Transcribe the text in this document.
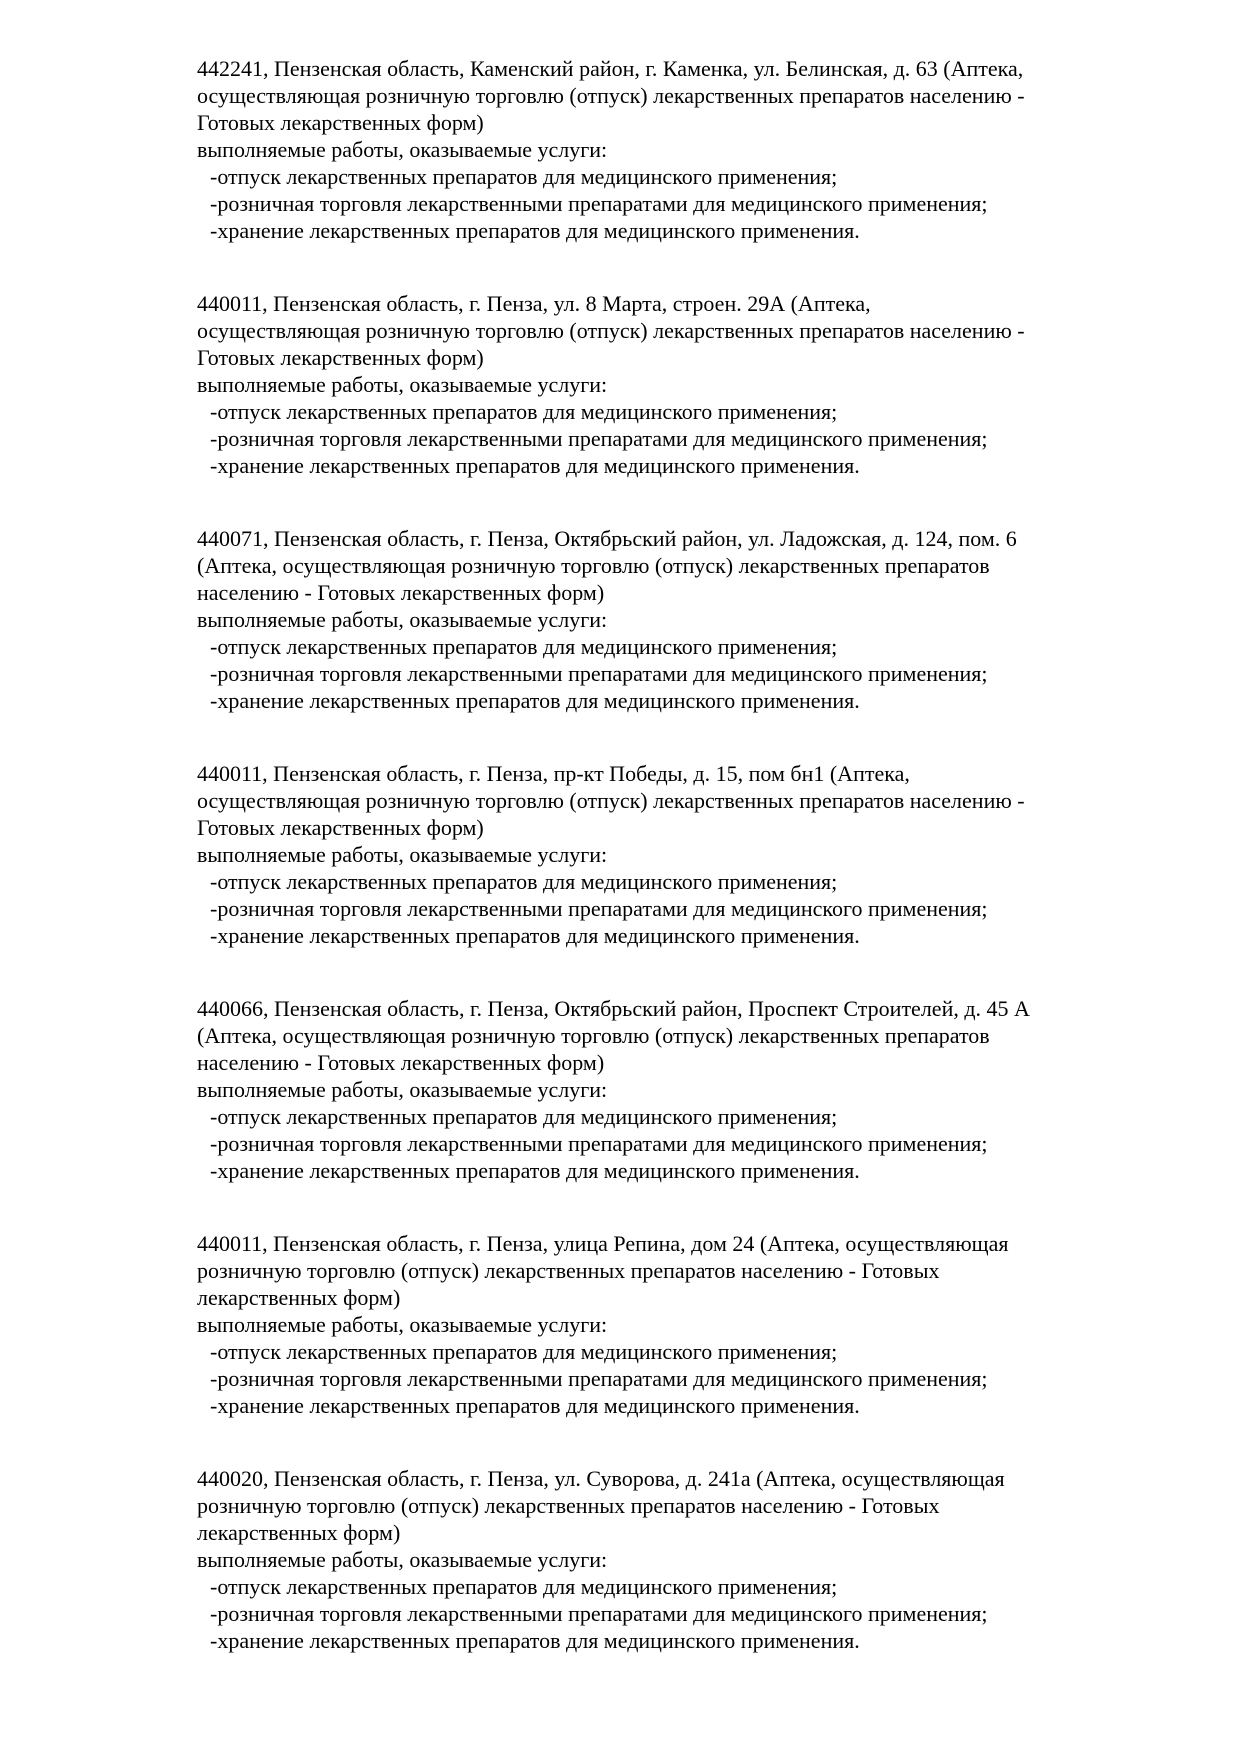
442241, Пензенская область, Каменский район, г. Каменка, ул. Белинская, д. 63 (Аптека,

осуществляющая розничную торговлю (отпуск) лекарственных препаратов населению -

Готовых лекарственных форм)

выполняемые работы, оказываемые услуги:

-отпуск лекарственных препаратов для медицинского применения;

-розничная торговля лекарственными препаратами для медицинского применения;

-хранение лекарственных препаратов для медицинского применения.

440011, Пензенская область, г. Пенза, ул. 8 Марта, строен. 29А (Аптека,

осуществляющая розничную торговлю (отпуск) лекарственных препаратов населению -

Готовых лекарственных форм)

выполняемые работы, оказываемые услуги:

-отпуск лекарственных препаратов для медицинского применения;

-розничная торговля лекарственными препаратами для медицинского применения;

-хранение лекарственных препаратов для медицинского применения.

440071, Пензенская область, г. Пенза, Октябрьский район, ул. Ладожская, д. 124, пом. 6

(Аптека, осуществляющая розничную торговлю (отпуск) лекарственных препаратов

населению - Готовых лекарственных форм)

выполняемые работы, оказываемые услуги:

-отпуск лекарственных препаратов для медицинского применения;

-розничная торговля лекарственными препаратами для медицинского применения;

-хранение лекарственных препаратов для медицинского применения.

440011, Пензенская область, г. Пенза, пр-кт Победы, д. 15, пом бн1 (Аптека,

осуществляющая розничную торговлю (отпуск) лекарственных препаратов населению -

Готовых лекарственных форм)

выполняемые работы, оказываемые услуги:

-отпуск лекарственных препаратов для медицинского применения;

-розничная торговля лекарственными препаратами для медицинского применения;

-хранение лекарственных препаратов для медицинского применения.

440066, Пензенская область, г. Пенза, Октябрьский район, Проспект Строителей, д. 45 А

(Аптека, осуществляющая розничную торговлю (отпуск) лекарственных препаратов

населению - Готовых лекарственных форм)

выполняемые работы, оказываемые услуги:

-отпуск лекарственных препаратов для медицинского применения;

-розничная торговля лекарственными препаратами для медицинского применения;

-хранение лекарственных препаратов для медицинского применения.

440011, Пензенская область, г. Пенза, улица Репина, дом 24 (Аптека, осуществляющая

розничную торговлю (отпуск) лекарственных препаратов населению - Готовых

лекарственных форм)

выполняемые работы, оказываемые услуги:

-отпуск лекарственных препаратов для медицинского применения;

-розничная торговля лекарственными препаратами для медицинского применения;

-хранение лекарственных препаратов для медицинского применения.

440020, Пензенская область, г. Пенза, ул. Суворова, д. 241а (Аптека, осуществляющая

розничную торговлю (отпуск) лекарственных препаратов населению - Готовых

лекарственных форм)

выполняемые работы, оказываемые услуги:

-отпуск лекарственных препаратов для медицинского применения;

-розничная торговля лекарственными препаратами для медицинского применения;

-хранение лекарственных препаратов для медицинского применения.
